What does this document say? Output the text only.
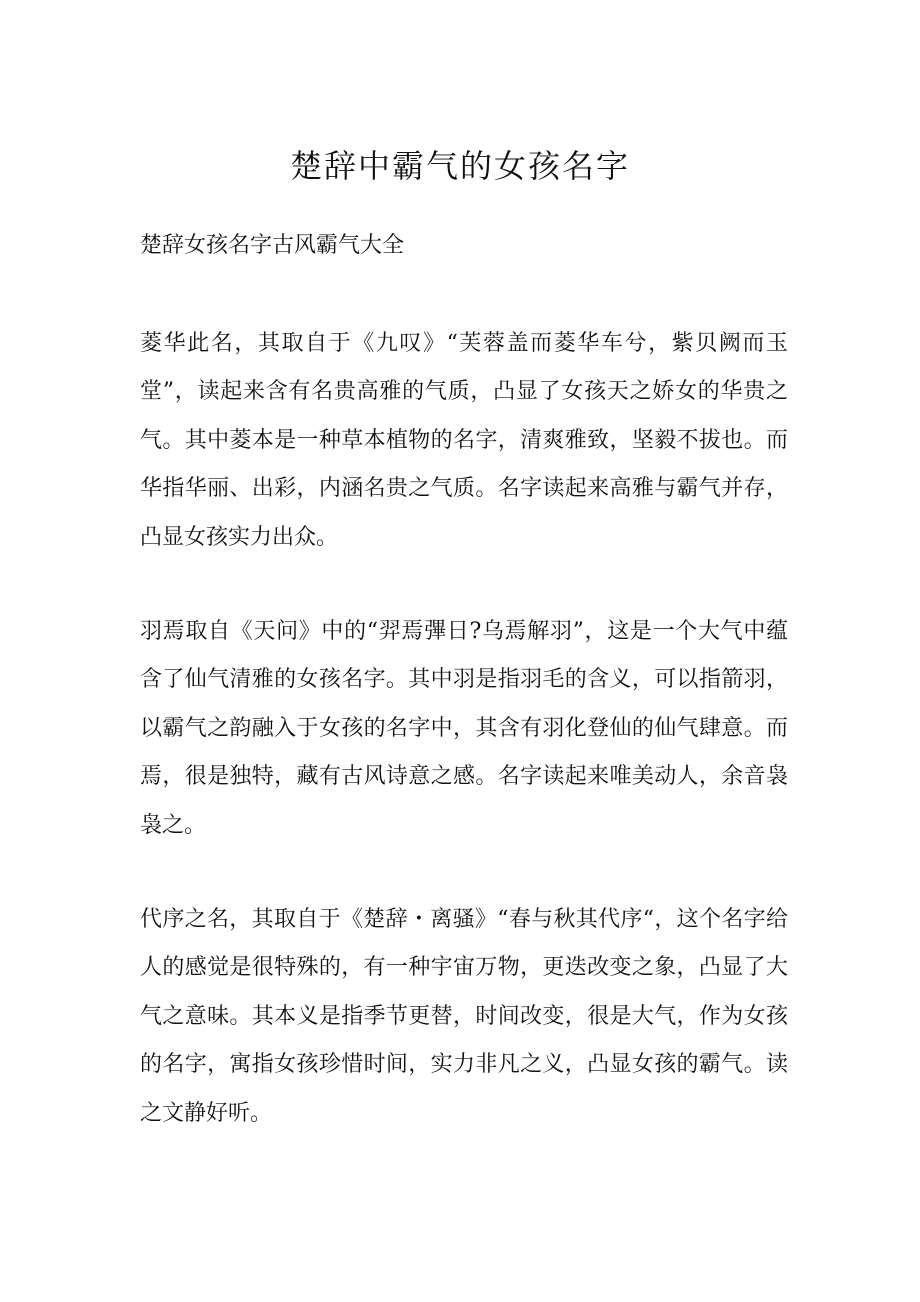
楚辞中霸气的女孩名字
楚辞女孩名字古风霸气大全
菱华此名，其取自于《九叹》“芙蓉盖而菱华车兮，紫贝阙而玉堂”，读起来含有名贵高雅的气质，凸显了女孩天之娇女的华贵之气。其中菱本是一种草本植物的名字，清爽雅致，坚毅不拔也。而华指华丽、出彩，内涵名贵之气质。名字读起来高雅与霸气并存，凸显女孩实力出众。
羽焉取自《天问》中的“羿焉彃日?乌焉解羽”，这是一个大气中蕴含了仙气清雅的女孩名字。其中羽是指羽毛的含义，可以指箭羽，以霸气之韵融入于女孩的名字中，其含有羽化登仙的仙气肆意。而焉，很是独特，藏有古风诗意之感。名字读起来唯美动人，余音袅袅之。
代序之名，其取自于《楚辞・离骚》“春与秋其代序“，这个名字给人的感觉是很特殊的，有一种宇宙万物，更迭改变之象，凸显了大气之意味。其本义是指季节更替，时间改变，很是大气，作为女孩的名字，寓指女孩珍惜时间，实力非凡之义，凸显女孩的霸气。读之文静好听。
